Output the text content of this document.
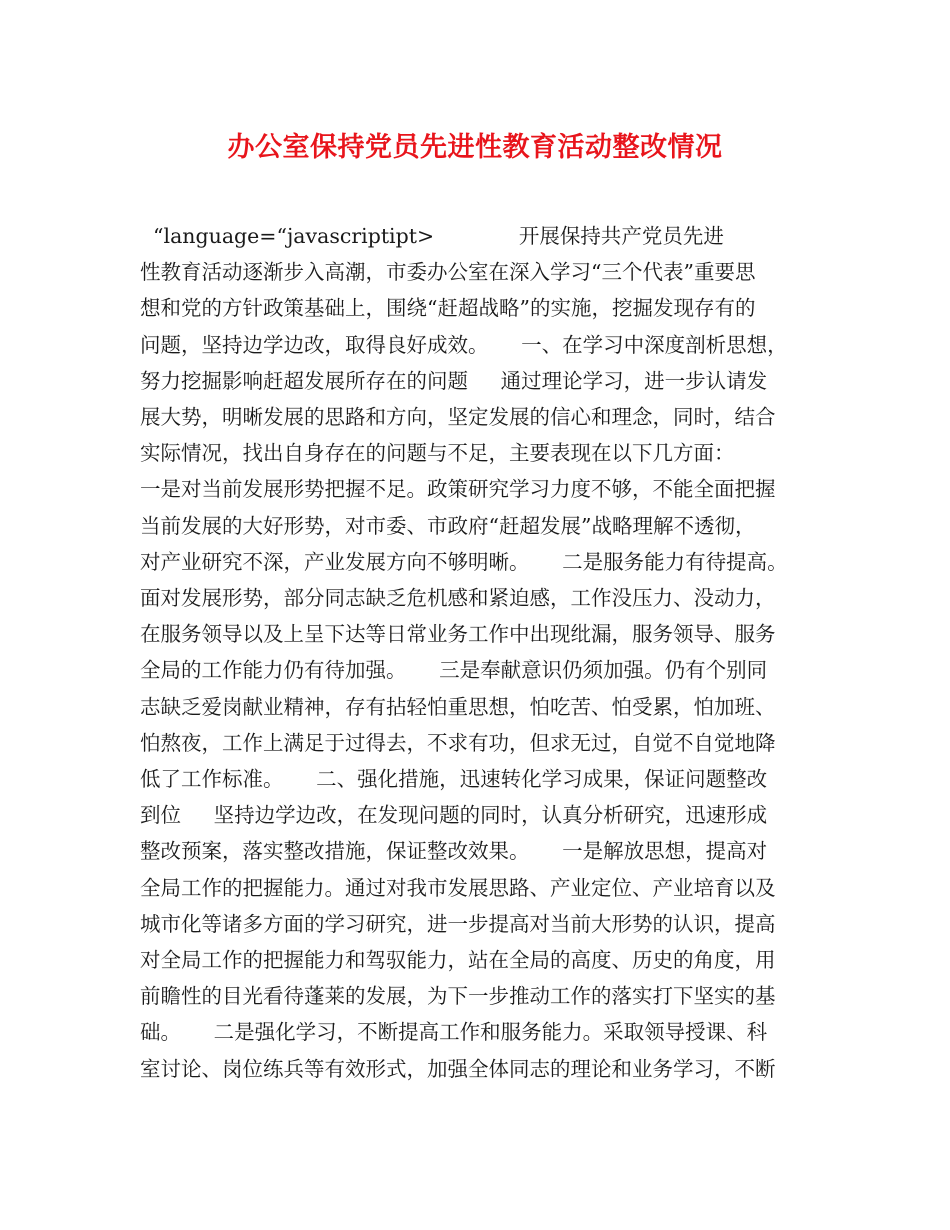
办公室保持党员先进性教育活动整改情况
“language=“javascriptipt>             开展保持共产党员先进
性教育活动逐渐步入高潮，市委办公室在深入学习“三个代表”重要思
想和党的方针政策基础上，围绕“赶超战略”的实施，挖掘发现存有的
问题，坚持边学边改，取得良好成效。     一、在学习中深度剖析思想，
努力挖掘影响赶超发展所存在的问题     通过理论学习，进一步认请发
展大势，明晰发展的思路和方向，坚定发展的信心和理念，同时，结合
实际情况，找出自身存在的问题与不足，主要表现在以下几方面：
一是对当前发展形势把握不足。政策研究学习力度不够，不能全面把握
当前发展的大好形势，对市委、市政府“赶超发展”战略理解不透彻，
对产业研究不深，产业发展方向不够明晰。     二是服务能力有待提高。
面对发展形势，部分同志缺乏危机感和紧迫感，工作没压力、没动力，
在服务领导以及上呈下达等日常业务工作中出现纰漏，服务领导、服务
全局的工作能力仍有待加强。     三是奉献意识仍须加强。仍有个别同
志缺乏爱岗献业精神，存有拈轻怕重思想，怕吃苦、怕受累，怕加班、
怕熬夜，工作上满足于过得去，不求有功，但求无过，自觉不自觉地降
低了工作标准。     二、强化措施，迅速转化学习成果，保证问题整改
到位     坚持边学边改，在发现问题的同时，认真分析研究，迅速形成
整改预案，落实整改措施，保证整改效果。     一是解放思想，提高对
全局工作的把握能力。通过对我市发展思路、产业定位、产业培育以及
城市化等诸多方面的学习研究，进一步提高对当前大形势的认识，提高
对全局工作的把握能力和驾驭能力，站在全局的高度、历史的角度，用
前瞻性的目光看待蓬莱的发展，为下一步推动工作的落实打下坚实的基
础。     二是强化学习，不断提高工作和服务能力。采取领导授课、科
室讨论、岗位练兵等有效形式，加强全体同志的理论和业务学习，不断
